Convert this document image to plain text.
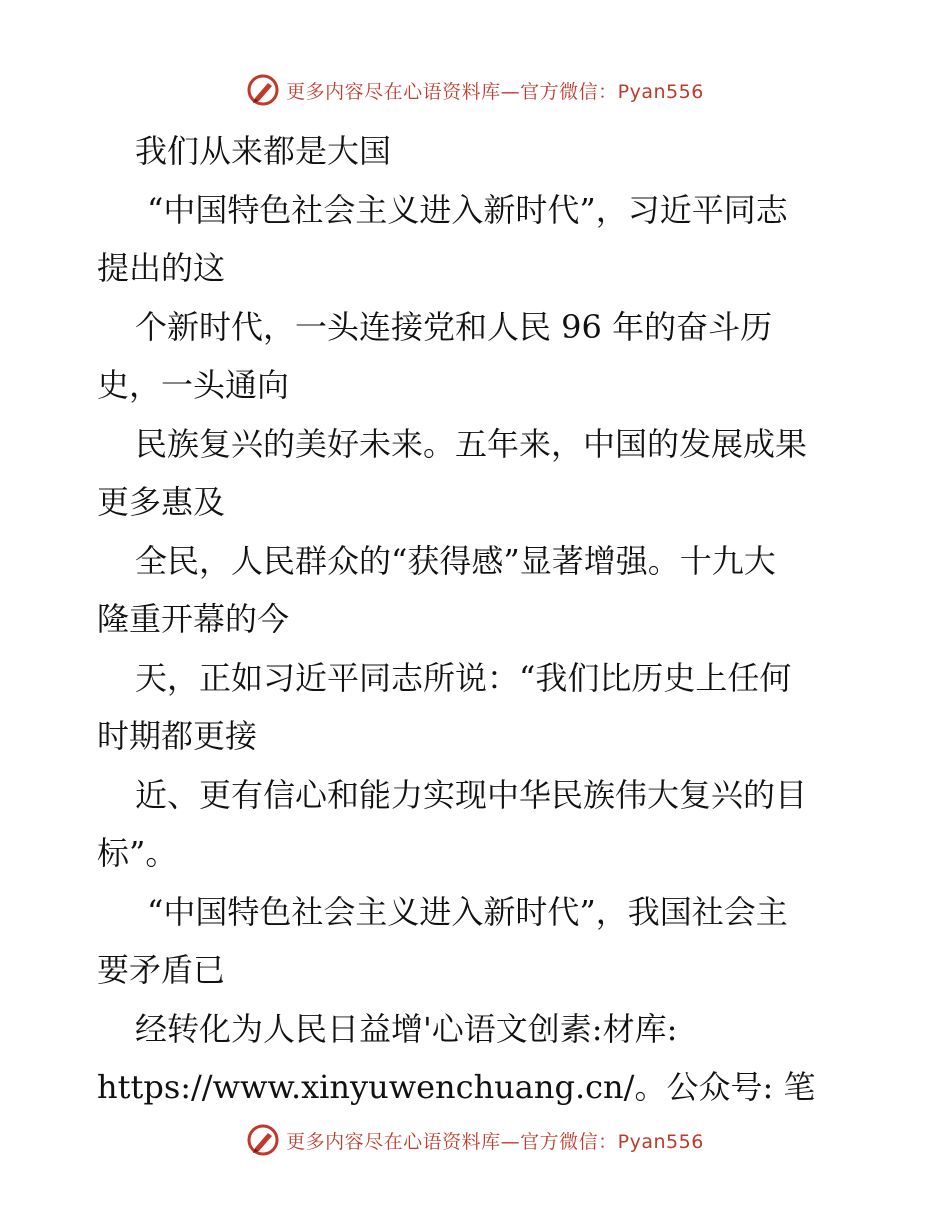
更多内容尽在心语资料库—官方微信：Pyan556
我们从来都是大国
“中国特色社会主义进入新时代”，习近平同志
提出的这
个新时代，一头连接党和人民 96 年的奋斗历
史，一头通向
民族复兴的美好未来。五年来，中国的发展成果
更多惠及
全民，人民群众的“获得感”显著增强。十九大
隆重开幕的今
天，正如习近平同志所说：“我们比历史上任何
时期都更接
近、更有信心和能力实现中华民族伟大复兴的目
标”。
“中国特色社会主义进入新时代”，我国社会主
要矛盾已
经转化为人民日益增'心语文创素:材库:
https://www.xinyuwenchuang.cn/。公众号: 笔
更多内容尽在心语资料库—官方微信：Pyan556
